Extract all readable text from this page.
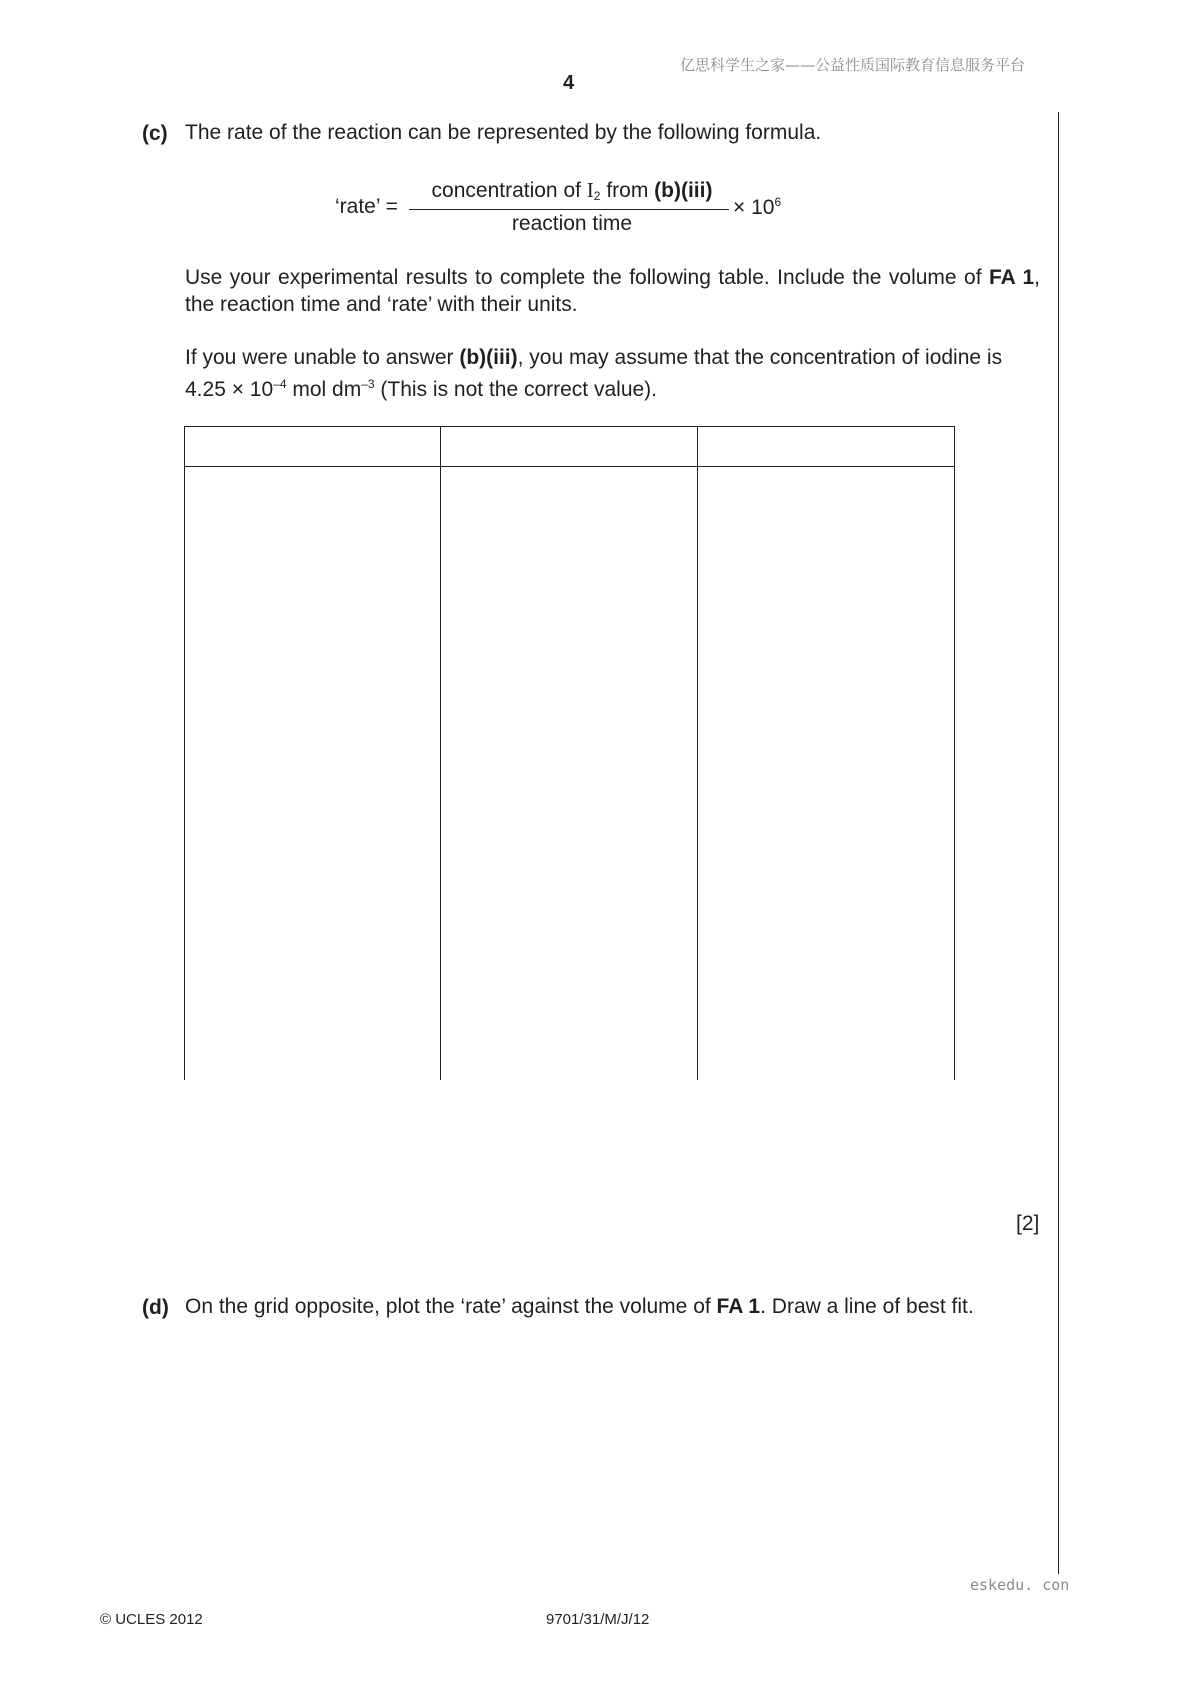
亿思科学生之家——公益性质国际教育信息服务平台
4
(c) The rate of the reaction can be represented by the following formula.
‘rate’ =
concentration of $I_2$ from (b)(iii)
reaction time
× $10^6$
Use your experimental results to complete the following table. Include the volume of FA 1, the reaction time and ‘rate’ with their units.
If you were unable to answer (b)(iii), you may assume that the concentration of iodine is
$4.25 \times 10^{-4}$ mol $dm^{-3}$ (This is not the correct value).
[2]
(d) On the grid opposite, plot the ‘rate’ against the volume of FA 1. Draw a line of best fit.
eskedu. con
© UCLES 2012	9701/31/M/J/12
